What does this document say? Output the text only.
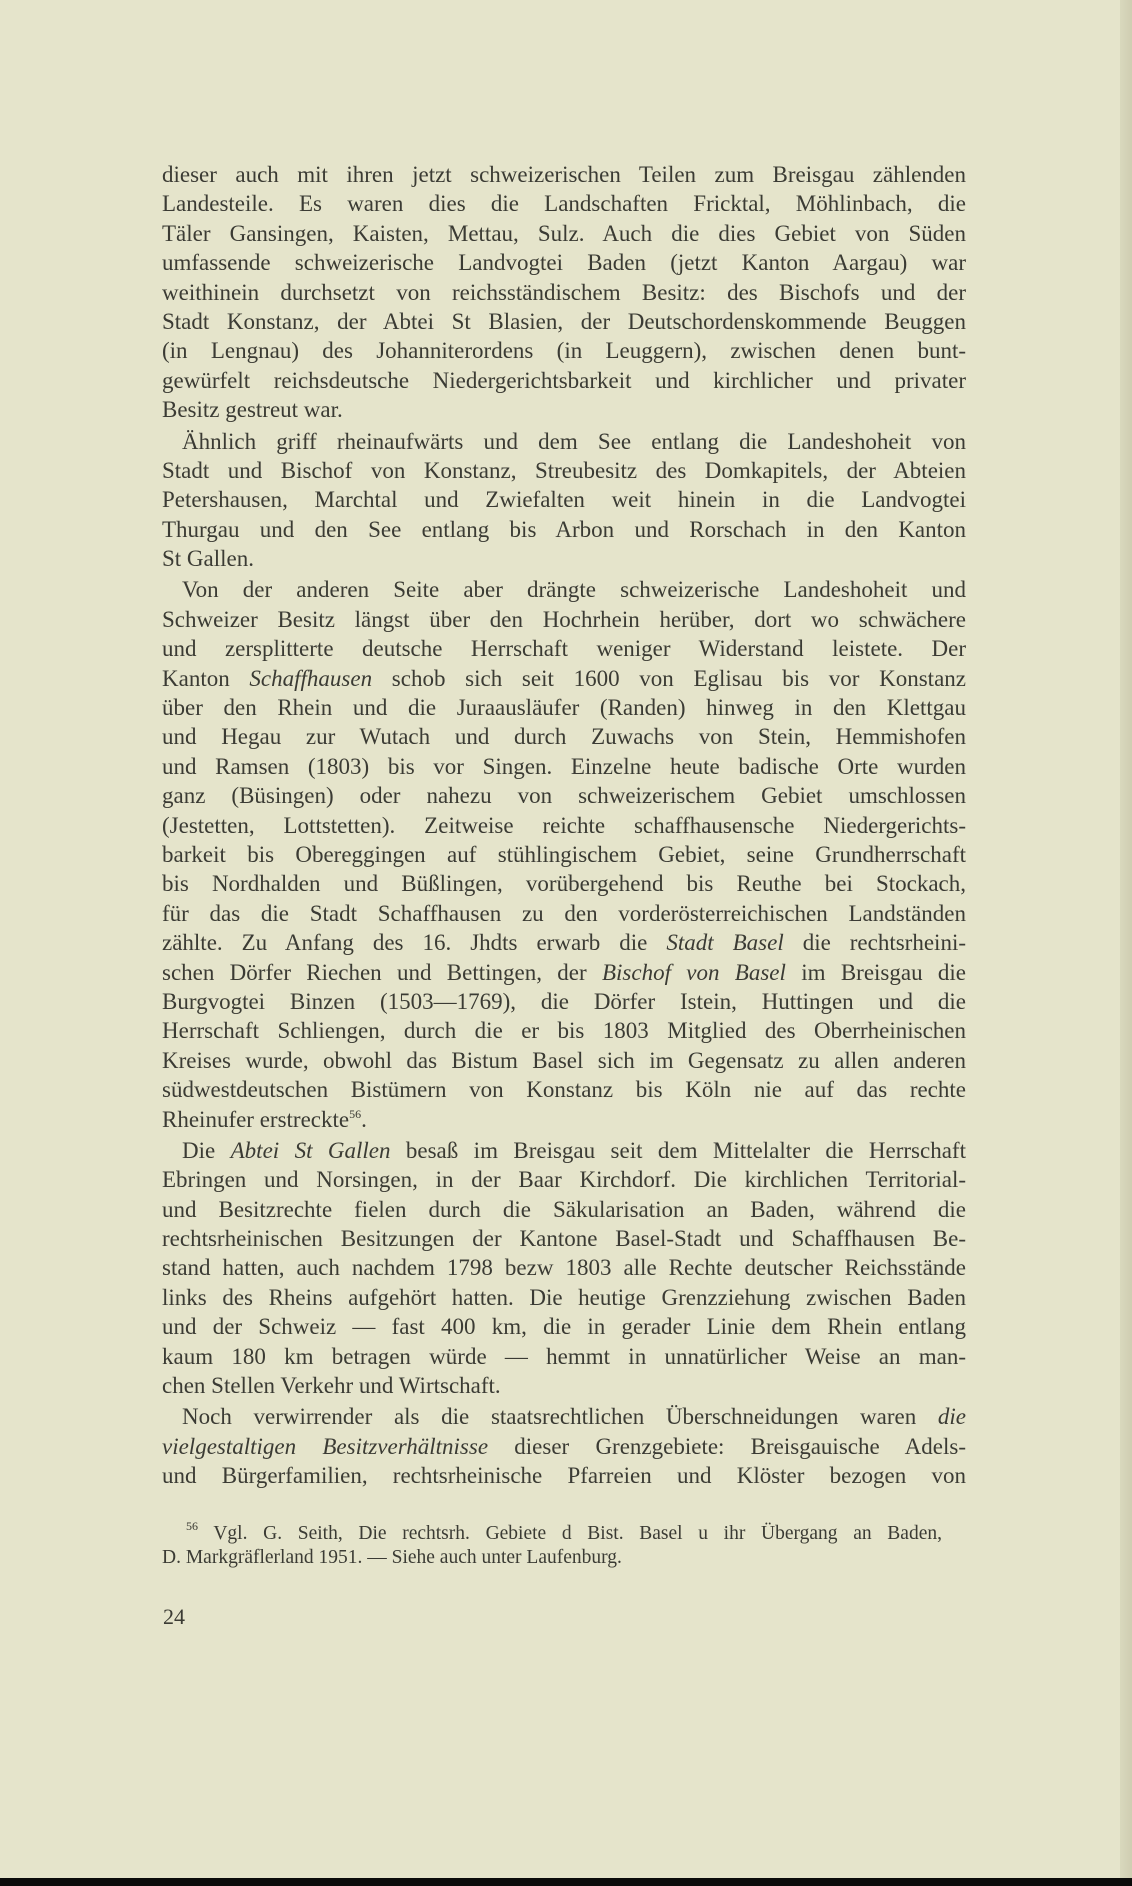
dieser auch mit ihren jetzt schweizerischen Teilen zum Breisgau zählenden
Landesteile. Es waren dies die Landschaften Fricktal, Möhlinbach, die
Täler Gansingen, Kaisten, Mettau, Sulz. Auch die dies Gebiet von Süden
umfassende schweizerische Landvogtei Baden (jetzt Kanton Aargau) war
weithinein durchsetzt von reichsständischem Besitz: des Bischofs und der
Stadt Konstanz, der Abtei St Blasien, der Deutschordenskommende Beuggen
(in Lengnau) des Johanniterordens (in Leuggern), zwischen denen bunt-
gewürfelt reichsdeutsche Niedergerichtsbarkeit und kirchlicher und privater
Besitz gestreut war.
Ähnlich griff rheinaufwärts und dem See entlang die Landeshoheit von
Stadt und Bischof von Konstanz, Streubesitz des Domkapitels, der Abteien
Petershausen, Marchtal und Zwiefalten weit hinein in die Landvogtei
Thurgau und den See entlang bis Arbon und Rorschach in den Kanton
St Gallen.
Von der anderen Seite aber drängte schweizerische Landeshoheit und
Schweizer Besitz längst über den Hochrhein herüber, dort wo schwächere
und zersplitterte deutsche Herrschaft weniger Widerstand leistete. Der
Kanton Schaffhausen schob sich seit 1600 von Eglisau bis vor Konstanz
über den Rhein und die Juraausläufer (Randen) hinweg in den Klettgau
und Hegau zur Wutach und durch Zuwachs von Stein, Hemmishofen
und Ramsen (1803) bis vor Singen. Einzelne heute badische Orte wurden
ganz (Büsingen) oder nahezu von schweizerischem Gebiet umschlossen
(Jestetten, Lottstetten). Zeitweise reichte schaffhausensche Niedergerichts-
barkeit bis Obereggingen auf stühlingischem Gebiet, seine Grundherrschaft
bis Nordhalden und Büßlingen, vorübergehend bis Reuthe bei Stockach,
für das die Stadt Schaffhausen zu den vorderösterreichischen Landständen
zählte. Zu Anfang des 16. Jhdts erwarb die Stadt Basel die rechtsrheini-
schen Dörfer Riechen und Bettingen, der Bischof von Basel im Breisgau die
Burgvogtei Binzen (1503—1769), die Dörfer Istein, Huttingen und die
Herrschaft Schliengen, durch die er bis 1803 Mitglied des Oberrheinischen
Kreises wurde, obwohl das Bistum Basel sich im Gegensatz zu allen anderen
südwestdeutschen Bistümern von Konstanz bis Köln nie auf das rechte
Rheinufer erstreckte$^{56}$.
Die Abtei St Gallen besaß im Breisgau seit dem Mittelalter die Herrschaft
Ebringen und Norsingen, in der Baar Kirchdorf. Die kirchlichen Territorial-
und Besitzrechte fielen durch die Säkularisation an Baden, während die
rechtsrheinischen Besitzungen der Kantone Basel-Stadt und Schaffhausen Be-
stand hatten, auch nachdem 1798 bezw 1803 alle Rechte deutscher Reichsstände
links des Rheins aufgehört hatten. Die heutige Grenzziehung zwischen Baden
und der Schweiz — fast 400 km, die in gerader Linie dem Rhein entlang
kaum 180 km betragen würde — hemmt in unnatürlicher Weise an man-
chen Stellen Verkehr und Wirtschaft.
Noch verwirrender als die staatsrechtlichen Überschneidungen waren die
vielgestaltigen Besitzverhältnisse dieser Grenzgebiete: Breisgauische Adels-
und Bürgerfamilien, rechtsrheinische Pfarreien und Klöster bezogen von
$^{56}$ Vgl. G. Seith, Die rechtsrh. Gebiete d Bist. Basel u ihr Übergang an Baden,
D. Markgräflerland 1951. — Siehe auch unter Laufenburg.
24
